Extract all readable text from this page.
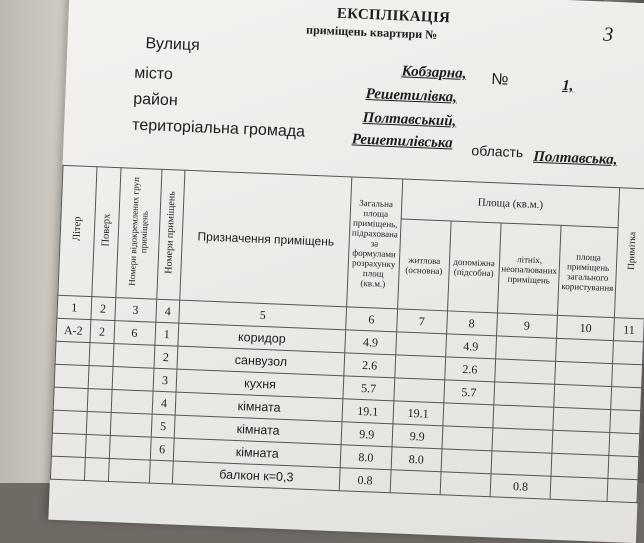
ЕКСПЛІКАЦІЯ
приміщень квартири №	3
Вулиця
місто
район
територіальна громада
Кобзарна, №	1,
Решетилівка,
Полтавський,
Решетилівська область Полтавська,
Літер	Поверх	Номери відокремлених груп приміщень	Номери приміщень	Призначення приміщень	Загальна площа приміщень, підрахована за формулами розрахунку площ (кв.м.)	Площа (кв.м.)				Примітка

						житлова (основна)	допоміжна (підсобна)	літніх, неопалюваних приміщень	площа приміщень загального користування	

1	2	3	4	5	6	7	8	9	10	11
А-2	2	6	1	коридор	4.9		4.9			
			2	санвузол	2.6		2.6			
			3	кухня	5.7		5.7			
			4	кімната	19.1	19.1				
			5	кімната	9.9	9.9				
			6	кімната	8.0	8.0				
				балкон к=0,3	0.8			0.8		
